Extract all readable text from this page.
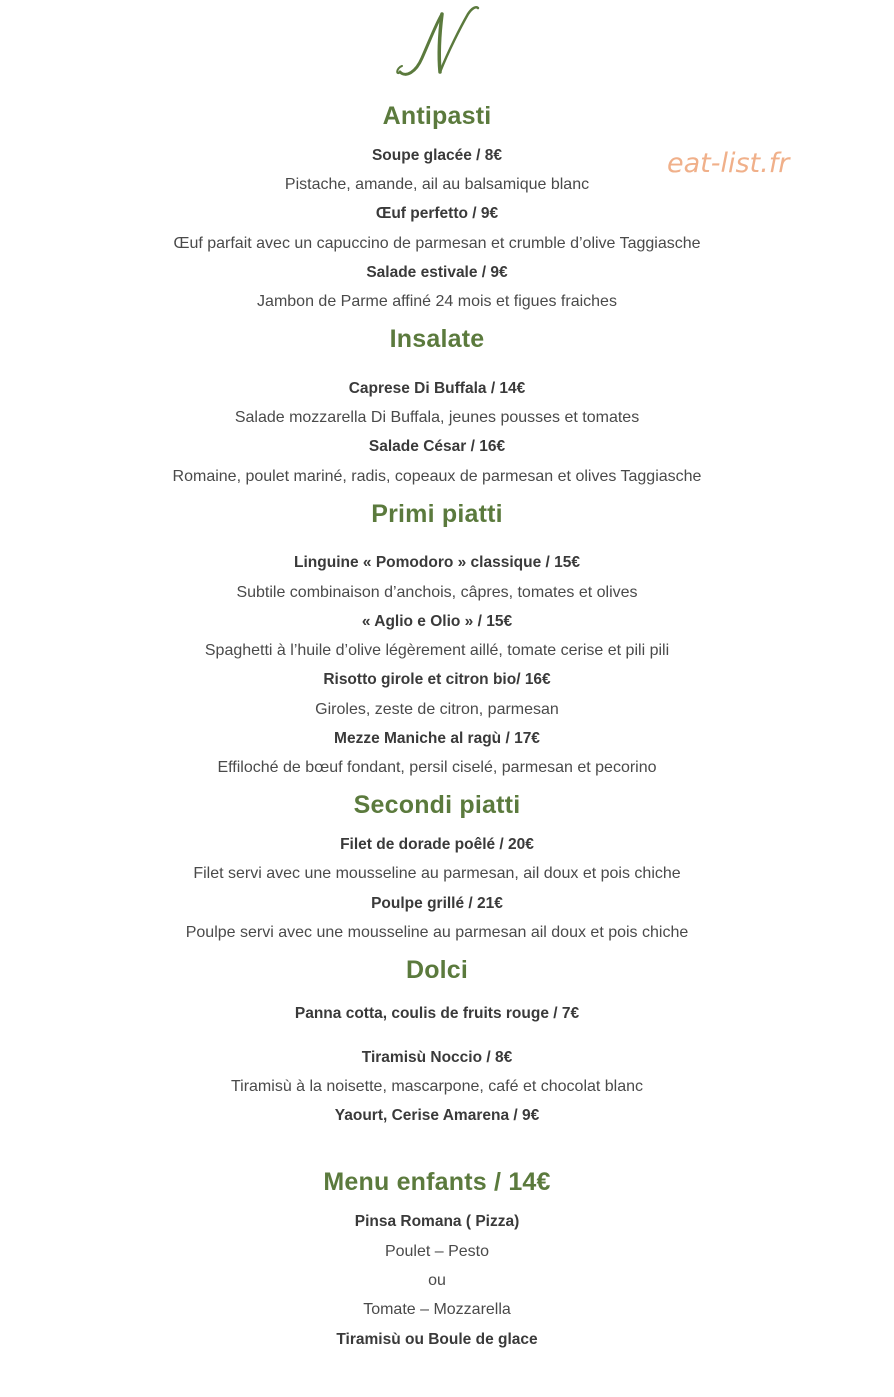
eat-list.fr
Antipasti
Soupe glacée / 8€
Pistache, amande, ail au balsamique blanc
Œuf perfetto / 9€
Œuf parfait avec un capuccino de parmesan et crumble d’olive Taggiasche
Salade estivale / 9€
Jambon de Parme affiné 24 mois et figues fraiches
Insalate
Caprese Di Buffala / 14€
Salade mozzarella Di Buffala, jeunes pousses et tomates
Salade César / 16€
Romaine, poulet mariné, radis, copeaux de parmesan et olives Taggiasche
Primi piatti
Linguine « Pomodoro » classique / 15€
Subtile combinaison d’anchois, câpres, tomates et olives
« Aglio e Olio » / 15€
Spaghetti à l’huile d’olive légèrement aillé, tomate cerise et pili pili
Risotto girole et citron bio/ 16€
Giroles, zeste de citron, parmesan
Mezze Maniche al ragù / 17€
Effiloché de bœuf fondant, persil ciselé, parmesan et pecorino
Secondi piatti
Filet de dorade poêlé / 20€
Filet servi avec une mousseline au parmesan, ail doux et pois chiche
Poulpe grillé / 21€
Poulpe servi avec une mousseline au parmesan ail doux et pois chiche
Dolci
Panna cotta, coulis de fruits rouge / 7€
Tiramisù Noccio / 8€
Tiramisù à la noisette, mascarpone, café et chocolat blanc
Yaourt, Cerise Amarena / 9€
Menu enfants / 14€
Pinsa Romana ( Pizza)
Poulet – Pesto
ou
Tomate – Mozzarella
Tiramisù ou Boule de glace
